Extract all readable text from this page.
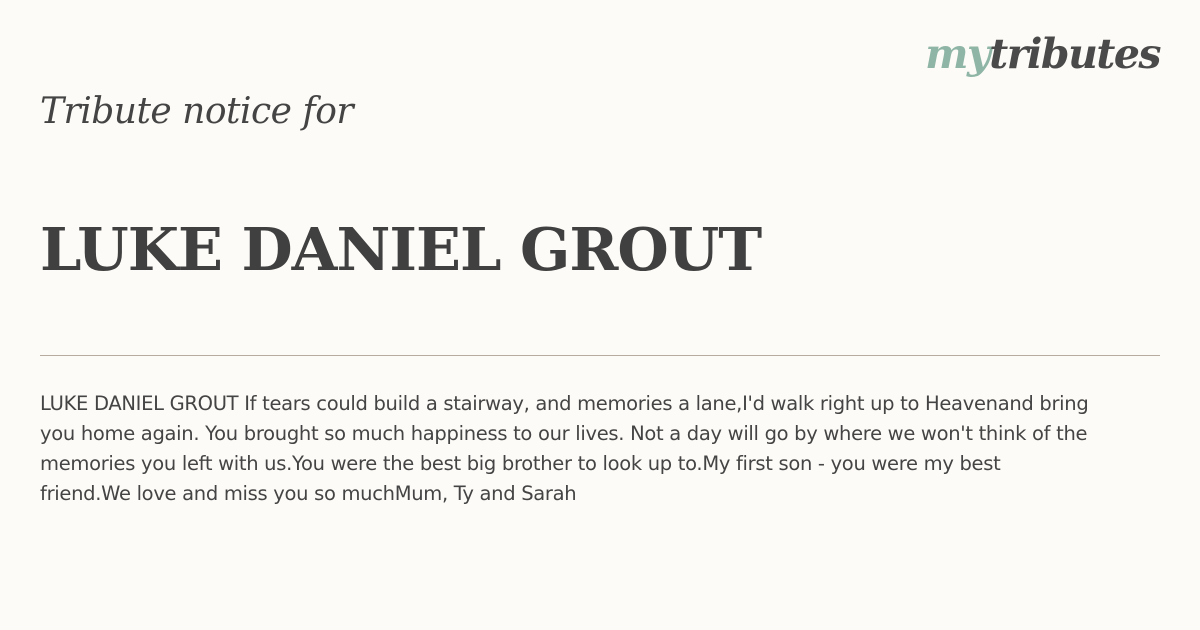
mytributes
Tribute notice for
LUKE DANIEL GROUT

LUKE DANIEL GROUT If tears could build a stairway, and memories a lane,I'd walk right up to Heavenand bring
you home again. You brought so much happiness to our lives. Not a day will go by where we won't think of the
memories you left with us.You were the best big brother to look up to.My first son - you were my best
friend.We love and miss you so muchMum, Ty and Sarah
